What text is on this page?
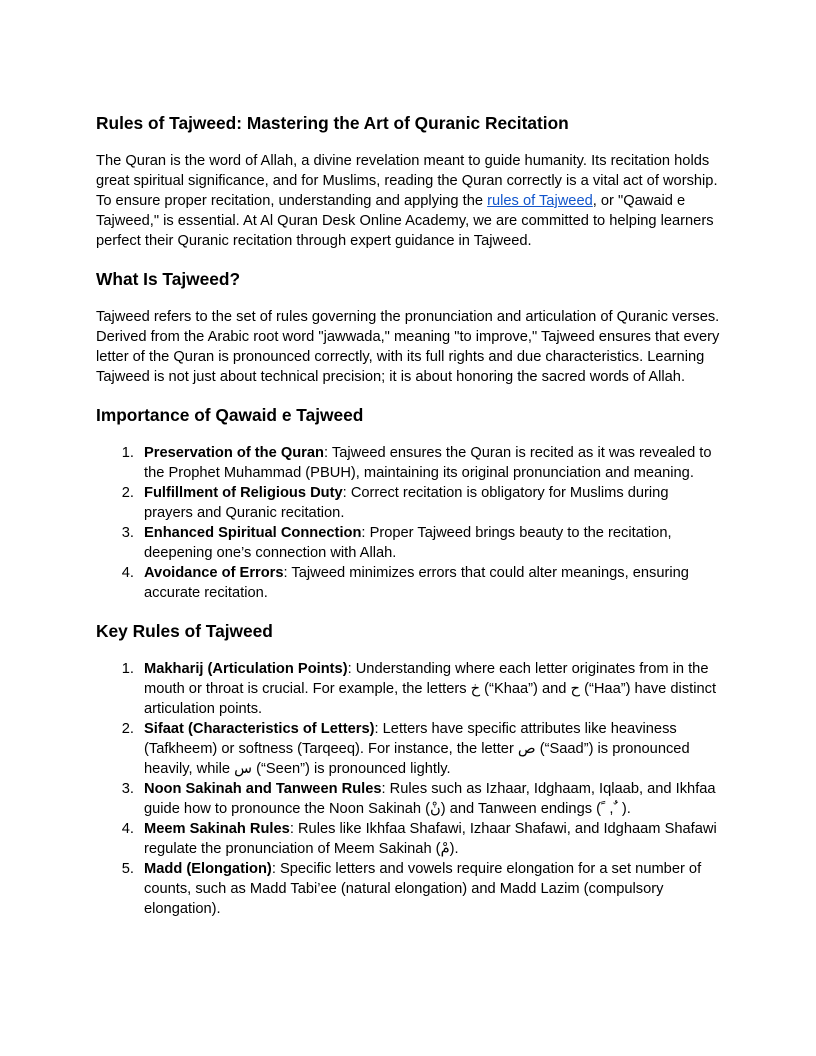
Rules of Tajweed: Mastering the Art of Quranic Recitation

The Quran is the word of Allah, a divine revelation meant to guide humanity. Its recitation holds great spiritual significance, and for Muslims, reading the Quran correctly is a vital act of worship. To ensure proper recitation, understanding and applying the rules of Tajweed, or "Qawaid e Tajweed," is essential. At Al Quran Desk Online Academy, we are committed to helping learners perfect their Quranic recitation through expert guidance in Tajweed.

What Is Tajweed?

Tajweed refers to the set of rules governing the pronunciation and articulation of Quranic verses. Derived from the Arabic root word "jawwada," meaning "to improve," Tajweed ensures that every letter of the Quran is pronounced correctly, with its full rights and due characteristics. Learning Tajweed is not just about technical precision; it is about honoring the sacred words of Allah.

Importance of Qawaid e Tajweed
Preservation of the Quran: Tajweed ensures the Quran is recited as it was revealed to the Prophet Muhammad (PBUH), maintaining its original pronunciation and meaning.
Fulfillment of Religious Duty: Correct recitation is obligatory for Muslims during prayers and Quranic recitation.
Enhanced Spiritual Connection: Proper Tajweed brings beauty to the recitation, deepening one’s connection with Allah.
Avoidance of Errors: Tajweed minimizes errors that could alter meanings, ensuring accurate recitation.
Key Rules of Tajweed
Makharij (Articulation Points): Understanding where each letter originates from in the mouth or throat is crucial. For example, the letters خ (“Khaa”) and ح (“Haa”) have distinct articulation points.
Sifaat (Characteristics of Letters): Letters have specific attributes like heaviness (Tafkheem) or softness (Tarqeeq). For instance, the letter ص (“Saad”) is pronounced heavily, while س (“Seen”) is pronounced lightly.
Noon Sakinah and Tanween Rules: Rules such as Izhaar, Idghaam, Iqlaab, and Ikhfaa guide how to pronounce the Noon Sakinah (نْ) and Tanween endings ( ً , ٌ ).
Meem Sakinah Rules: Rules like Ikhfaa Shafawi, Izhaar Shafawi, and Idghaam Shafawi regulate the pronunciation of Meem Sakinah (مْ).
Madd (Elongation): Specific letters and vowels require elongation for a set number of counts, such as Madd Tabi’ee (natural elongation) and Madd Lazim (compulsory elongation).
